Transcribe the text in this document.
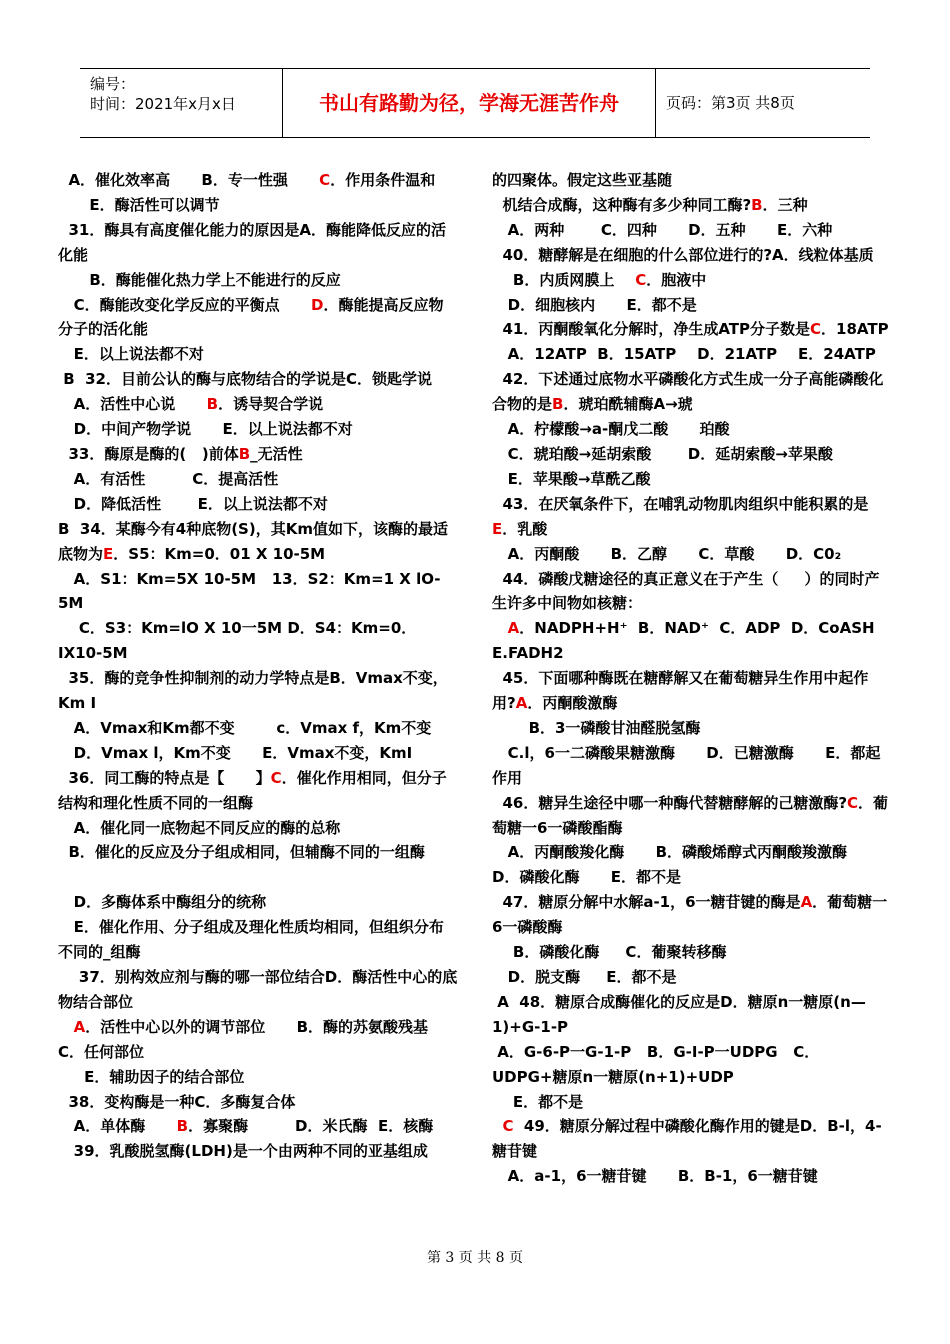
编号：
时间：2021年x月x日	书山有路勤为径，学海无涯苦作舟	页码：第3页 共8页
A．催化效率高      B．专一性强      C．作用条件温和
E．酶活性可以调节
31．酶具有高度催化能力的原因是A．酶能降低反应的活化能
B．酶能催化热力学上不能进行的反应
C．酶能改变化学反应的平衡点      D．酶能提高反应物分子的活化能
E．以上说法都不对
B  32．目前公认的酶与底物结合的学说是C．锁匙学说
A．活性中心说      B．诱导契合学说
D．中间产物学说      E．以上说法都不对
33．酶原是酶的(   )前体B_无活性
A．有活性         C．提高活性
D．降低活性       E．以上说法都不对
B  34．某酶今有4种底物(S)，其Km值如下，该酶的最适底物为E．S5：Km=0．01 X 10-5M
A．S1：Km=5X 10-5M   13．S2：Km=1 X lO-5M
C．S3：Km=lO X 10一5M D．S4：Km=0．IX10-5M
35．酶的竞争性抑制剂的动力学特点是B．Vmax不变，Km I
A．Vmax和Km都不变        c．Vmax f，Km不变
D．Vmax l，Km不变      E．Vmax不变，KmI
36．同工酶的特点是【      】C．催化作用相同，但分子结构和理化性质不同的一组酶
A．催化同一底物起不同反应的酶的总称
B．催化的反应及分子组成相同，但辅酶不同的一组酶

D．多酶体系中酶组分的统称
E．催化作用、分子组成及理化性质均相同，但组织分布不同的_组酶
37．别构效应剂与酶的哪一部位结合D．酶活性中心的底物结合部位
A．活性中心以外的调节部位      B．酶的苏氨酸残基      C．任何部位
E．辅助因子的结合部位
38．变构酶是一种C．多酶复合体
A．单体酶      B．寡聚酶         D．米氏酶  E．核酶
39．乳酸脱氢酶(LDH)是一个由两种不同的亚基组成
的四聚体。假定这些亚基随
机结合成酶，这种酶有多少种同工酶?B．三种
A．两种       C．四种      D．五种      E．六种
40．糖酵解是在细胞的什么部位进行的?A．线粒体基质
B．内质网膜上    C．胞液中
D．细胞核内      E．都不是
41．丙酮酸氧化分解时，净生成ATP分子数是C．18ATP
A．12ATP  B．15ATP    D．21ATP    E．24ATP
42．下述通过底物水平磷酸化方式生成一分子高能磷酸化合物的是B．琥珀酰辅酶A→琥
A．柠檬酸→a-酮戊二酸      珀酸
C．琥珀酸→延胡索酸       D．延胡索酸→苹果酸
E．苹果酸→草酰乙酸
43．在厌氧条件下，在哺乳动物肌肉组织中能积累的是E．乳酸
A．丙酮酸      B．乙醇      C．草酸      D．C0₂
44．磷酸戊糖途径的真正意义在于产生（     ）的同时产生许多中间物如核糖：
A．NADPH+H⁺  B．NAD⁺  C．ADP  D．CoASH  E.FADH2
45．下面哪种酶既在糖酵解又在葡萄糖异生作用中起作用?A．丙酮酸激酶
B．3一磷酸甘油醛脱氢酶
C.l，6一二磷酸果糖激酶      D．已糖激酶      E．都起作用
46．糖异生途径中哪一种酶代替糖酵解的己糖激酶?C．葡萄糖一6一磷酸酯酶
A．丙酮酸羧化酶      B．磷酸烯醇式丙酮酸羧激酶      D．磷酸化酶      E．都不是
47．糖原分解中水解a-1，6一糖苷键的酶是A．葡萄糖一6一磷酸酶
B．磷酸化酶     C．葡聚转移酶
D．脱支酶     E．都不是
A  48．糖原合成酶催化的反应是D．糖原n一糖原(n—1)+G-1-P
A．G-6-P一G-1-P   B．G-I-P一UDPG   C．UDPG+糖原n一糖原(n+1)+UDP
E．都不是
C  49．糖原分解过程中磷酸化酶作用的键是D．B-l，4-糖苷键
A．a-1，6一糖苷键      B．B-1，6一糖苷键
第 3 页 共 8 页
